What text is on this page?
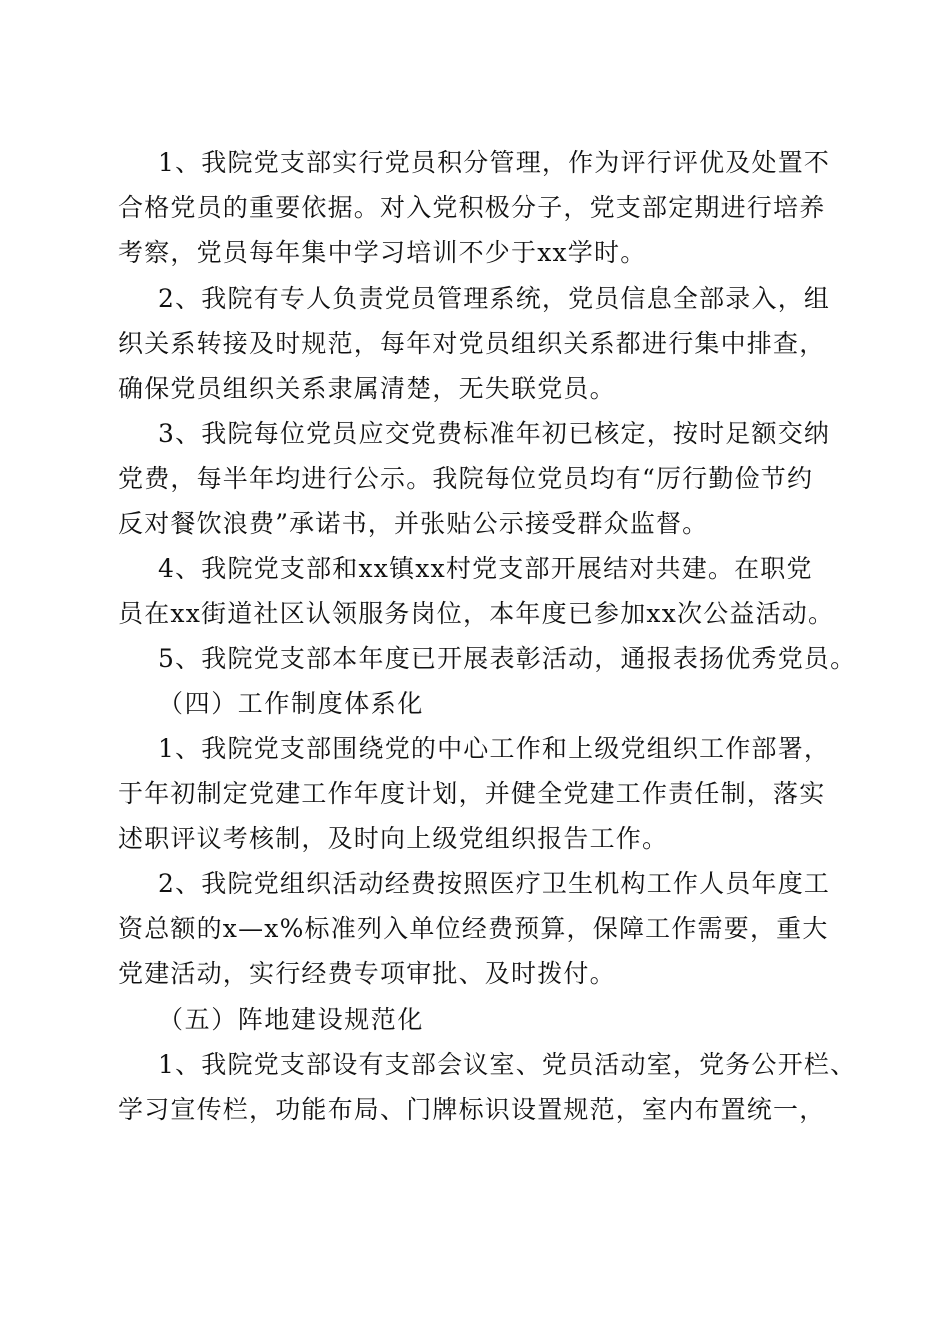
1、我院党支部实行党员积分管理，作为评行评优及处置不
合格党员的重要依据。对入党积极分子，党支部定期进行培养
考察，党员每年集中学习培训不少于xx学时。
2、我院有专人负责党员管理系统，党员信息全部录入，组
织关系转接及时规范，每年对党员组织关系都进行集中排查，
确保党员组织关系隶属清楚，无失联党员。
3、我院每位党员应交党费标准年初已核定，按时足额交纳
党费，每半年均进行公示。我院每位党员均有“厉行勤俭节约
反对餐饮浪费”承诺书，并张贴公示接受群众监督。
4、我院党支部和xx镇xx村党支部开展结对共建。在职党
员在xx街道社区认领服务岗位，本年度已参加xx次公益活动。
5、我院党支部本年度已开展表彰活动，通报表扬优秀党员。
（四）工作制度体系化
1、我院党支部围绕党的中心工作和上级党组织工作部署，
于年初制定党建工作年度计划，并健全党建工作责任制，落实
述职评议考核制，及时向上级党组织报告工作。
2、我院党组织活动经费按照医疗卫生机构工作人员年度工
资总额的x—x%标准列入单位经费预算，保障工作需要，重大
党建活动，实行经费专项审批、及时拨付。
（五）阵地建设规范化
1、我院党支部设有支部会议室、党员活动室，党务公开栏、
学习宣传栏，功能布局、门牌标识设置规范，室内布置统一，
